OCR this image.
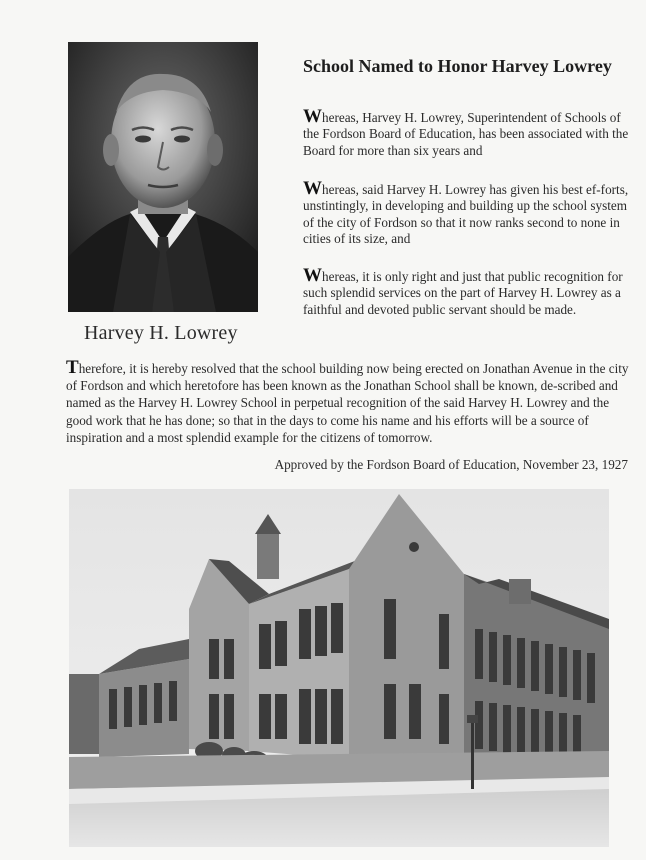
Harvey H. Lowrey
School Named to Honor Harvey Lowrey
Whereas, Harvey H. Lowrey, Superintendent of Schools of the Fordson Board of Education, has been associated with the Board for more than six years and
Whereas, said Harvey H. Lowrey has given his best ef-forts, unstintingly, in developing and building up the school system of the city of Fordson so that it now ranks second to none in cities of its size, and
Whereas, it is only right and just that public recognition for such splendid services on the part of Harvey H. Lowrey as a faithful and devoted public servant should be made.
Therefore, it is hereby resolved that the school building now being erected on Jonathan Avenue in the city of Fordson and which heretofore has been known as the Jonathan School shall be known, de-scribed and named as the Harvey H. Lowrey School in perpetual recognition of the said Harvey H. Lowrey and the good work that he has done; so that in the days to come his name and his efforts will be a source of inspiration and a most splendid example for the citizens of tomorrow.
Approved by the Fordson Board of Education, November 23, 1927
